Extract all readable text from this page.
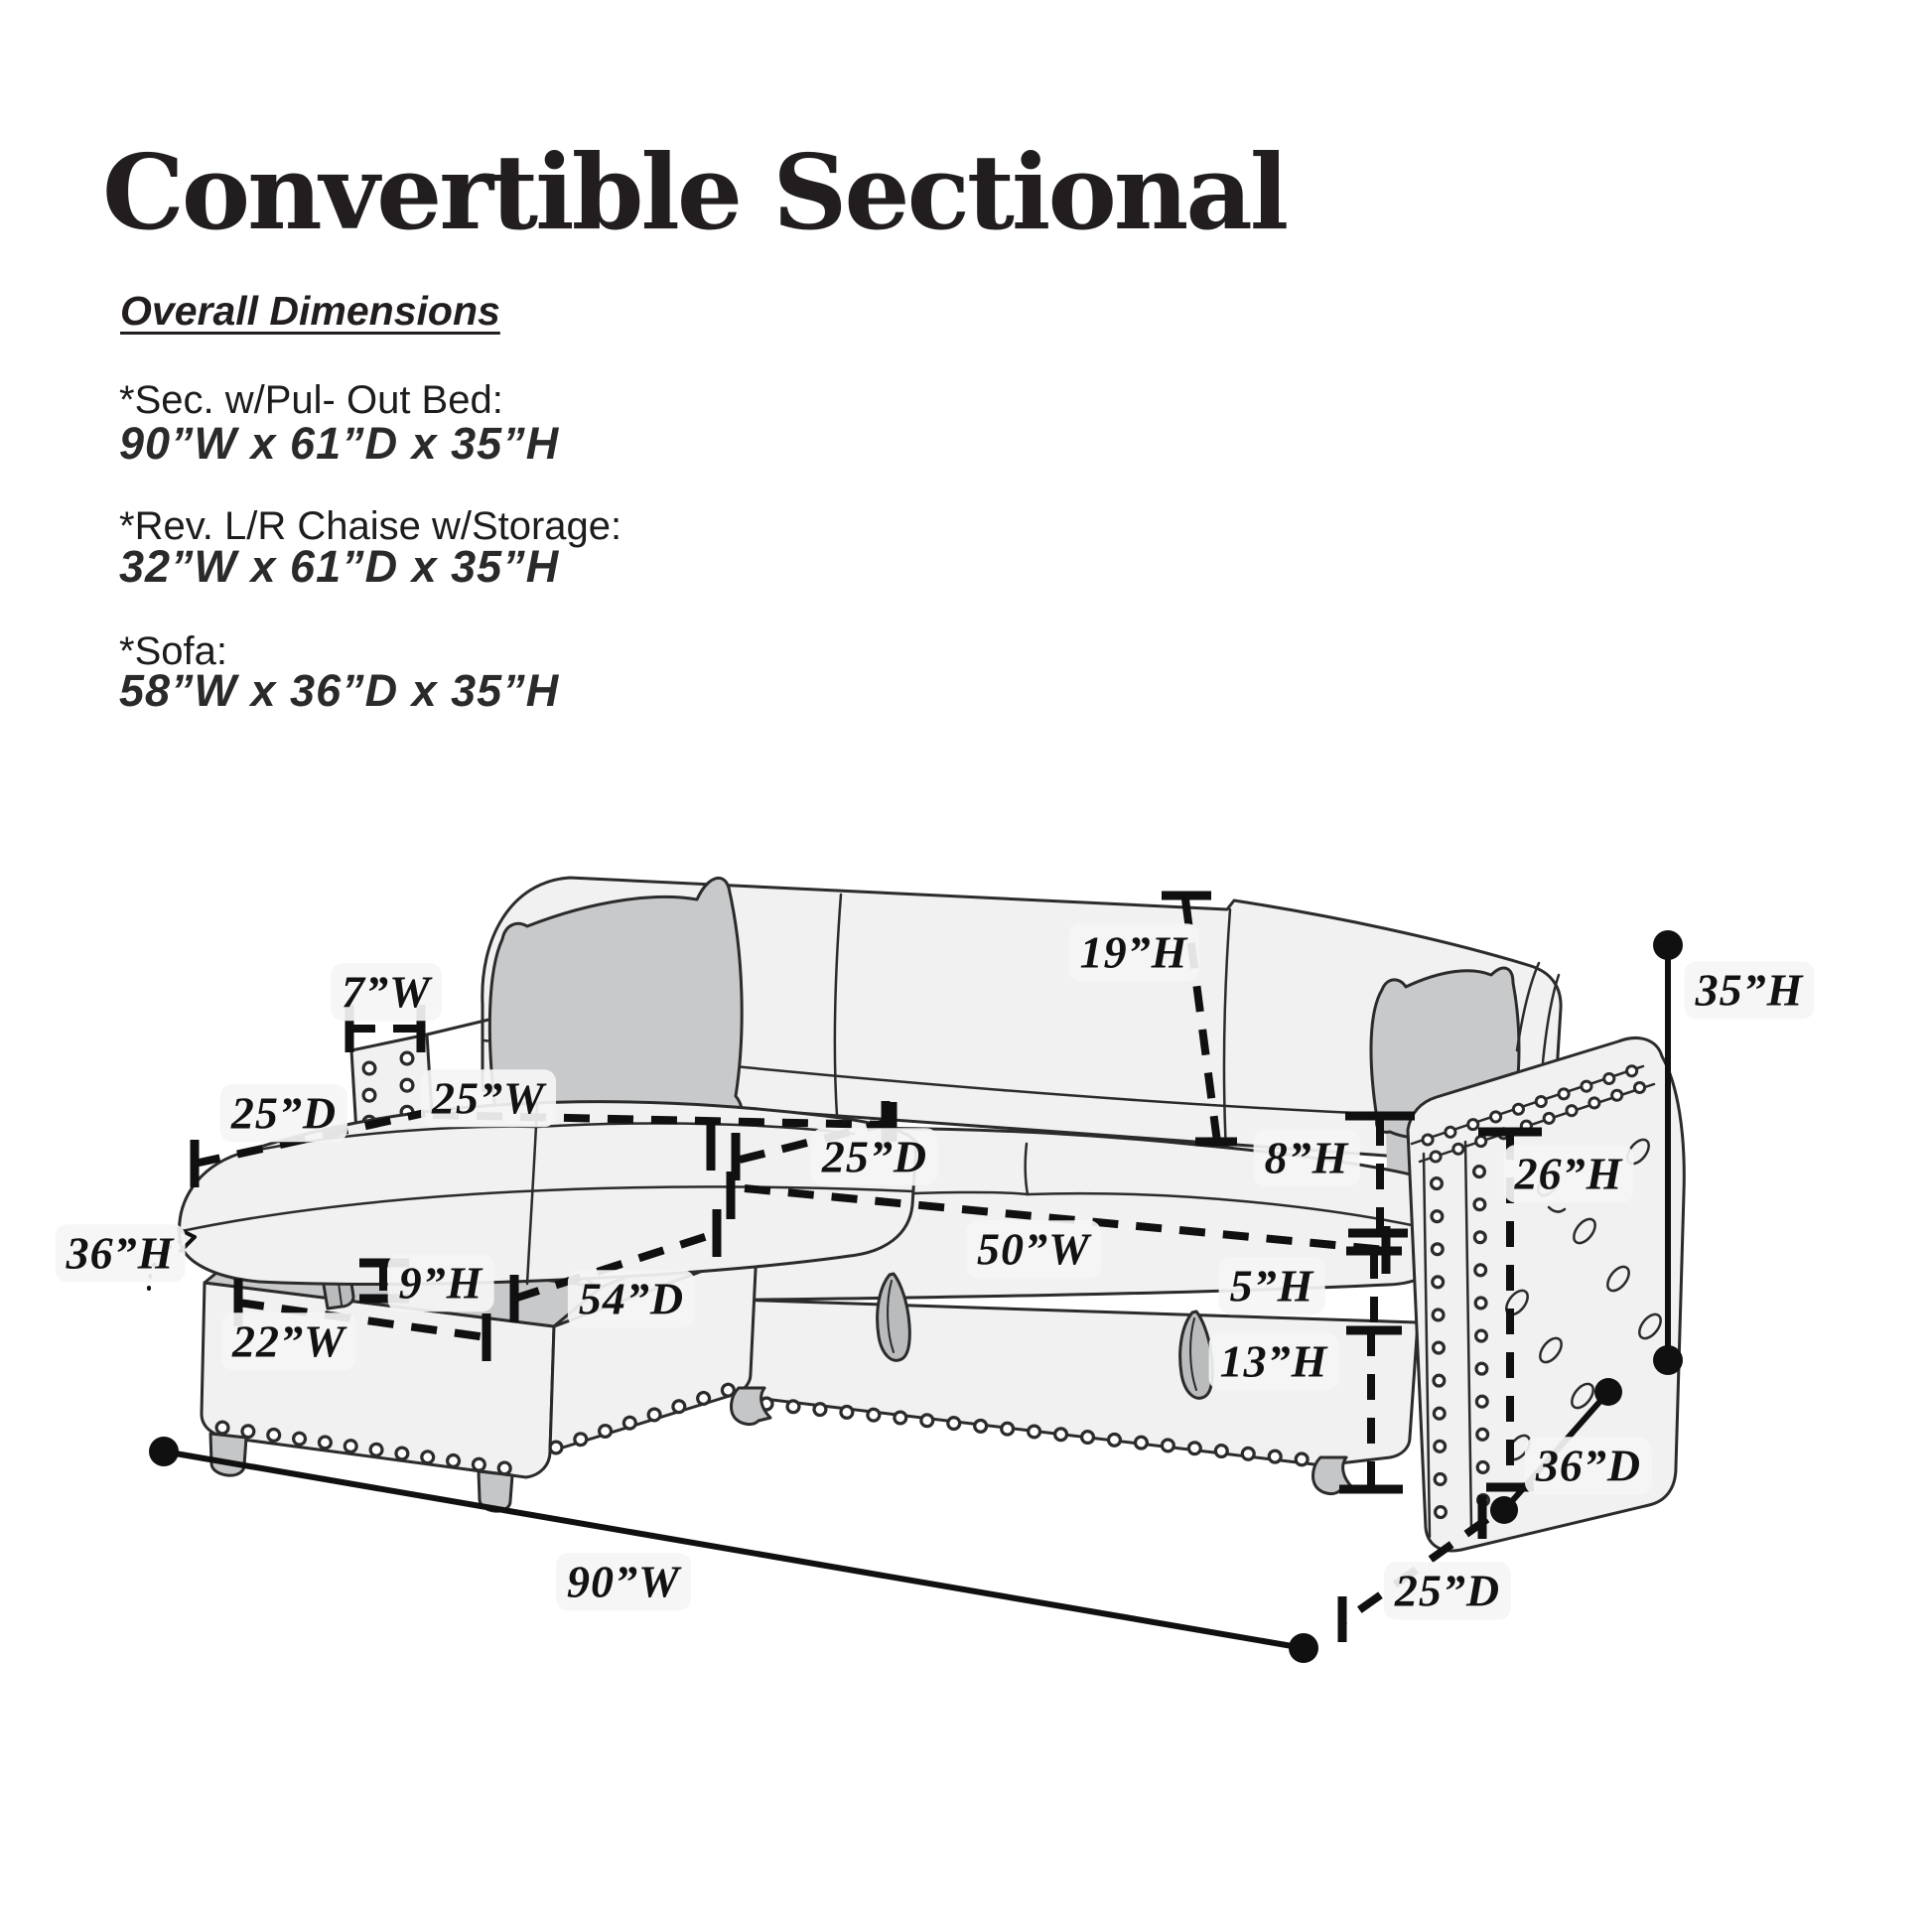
Convertible Sectional
Overall Dimensions
*Sec. w/Pul- Out Bed:
90”W x 61”D x 35”H
*Rev. L/R Chaise w/Storage:
32”W x 61”D x 35”H
*Sofa:
58”W x 36”D x 35”H
7”W
25”D 25”W
25”D
19”H
35”H
8”H	26”H
50”W
5”H
13”H
9”H 54”D
22”W
36”H
90”W
36”D
25”D
